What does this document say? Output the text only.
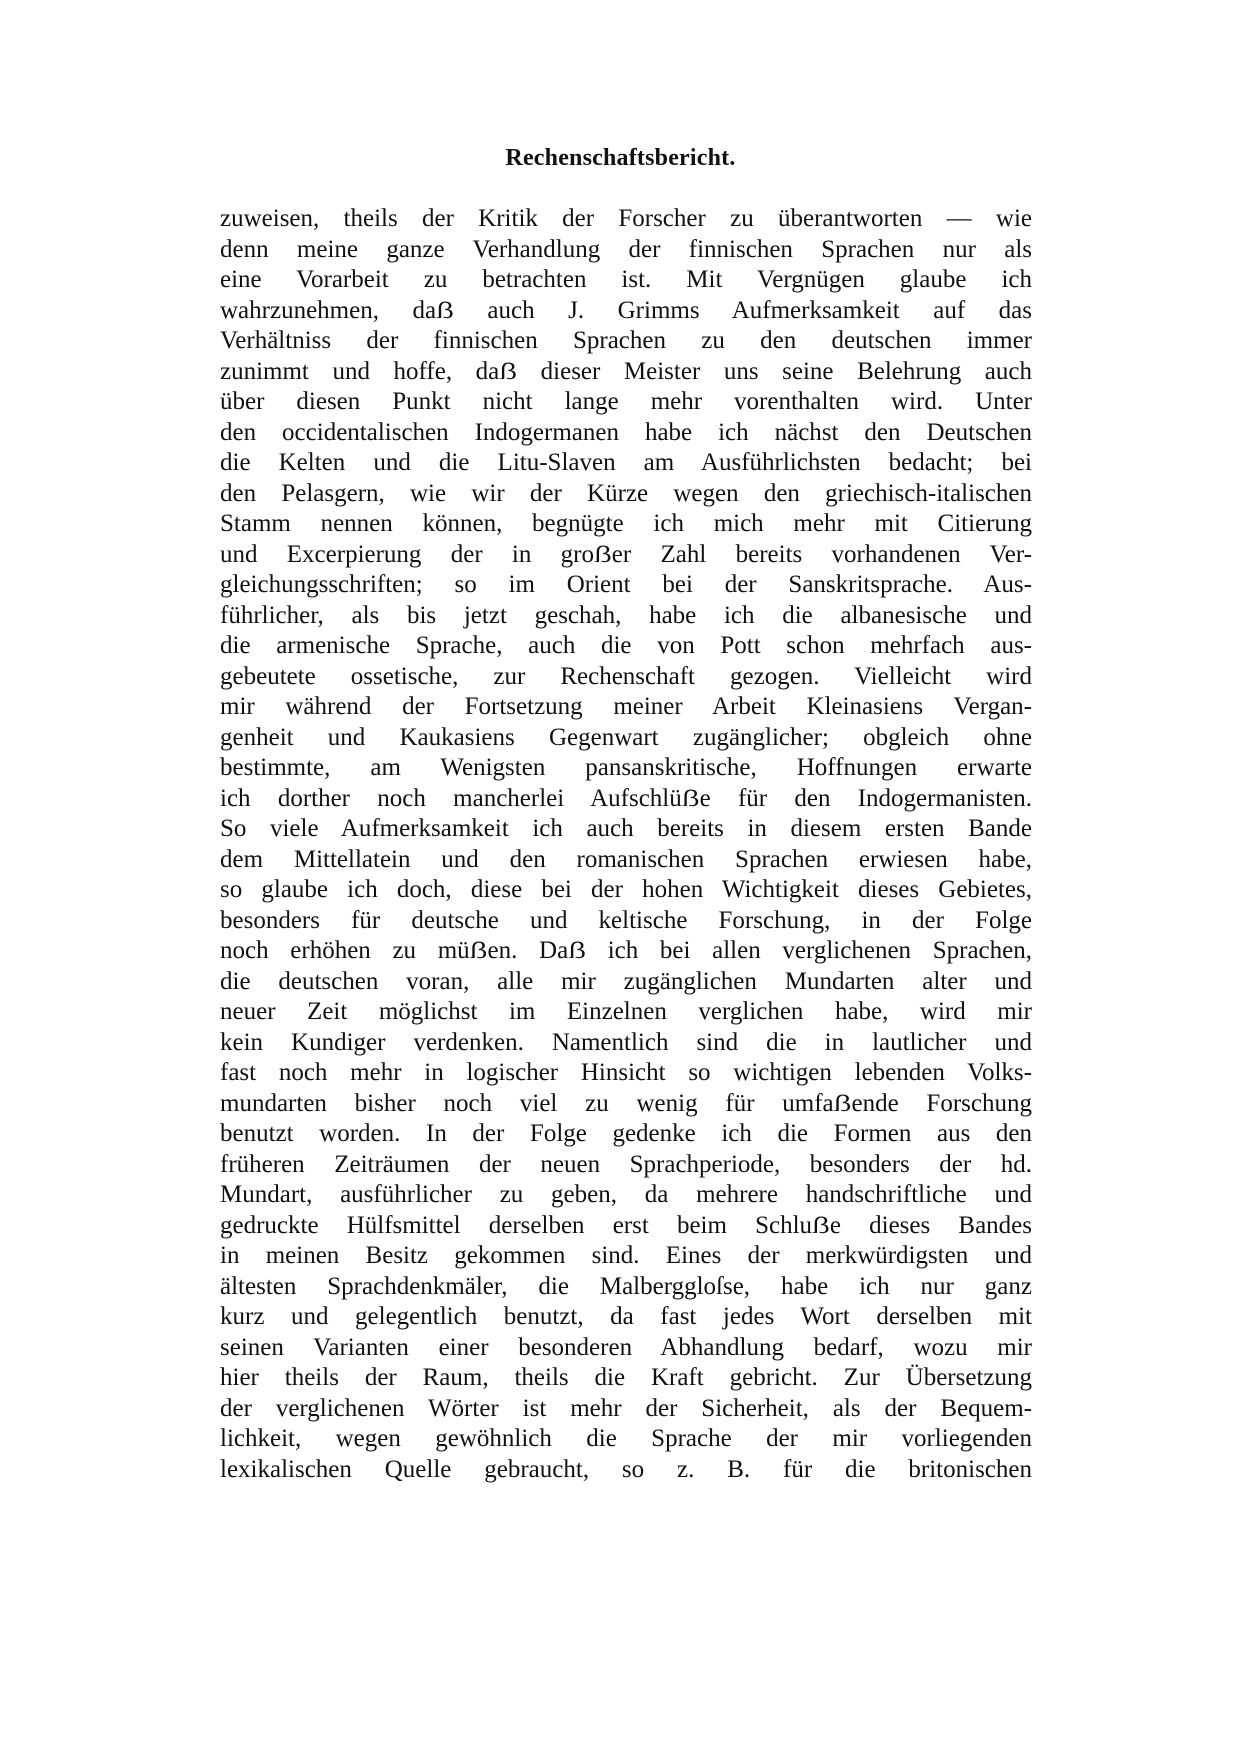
Rechenschaftsbericht.
zuweisen, theils der Kritik der Forscher zu überantworten — wie
denn meine ganze Verhandlung der finnischen Sprachen nur als
eine Vorarbeit zu betrachten ist. Mit Vergnügen glaube ich
wahrzunehmen, daẞ auch J. Grimms Aufmerksamkeit auf das
Verhältniss der finnischen Sprachen zu den deutschen immer
zunimmt und hoffe, daẞ dieser Meister uns seine Belehrung auch
über diesen Punkt nicht lange mehr vorenthalten wird. Unter
den occidentalischen Indogermanen habe ich nächst den Deutschen
die Kelten und die Litu-Slaven am Ausführlichsten bedacht; bei
den Pelasgern, wie wir der Kürze wegen den griechisch-italischen
Stamm nennen können, begnügte ich mich mehr mit Citierung
und Excerpierung der in groẞer Zahl bereits vorhandenen Ver-
gleichungsschriften; so im Orient bei der Sanskritsprache. Aus-
führlicher, als bis jetzt geschah, habe ich die albanesische und
die armenische Sprache, auch die von Pott schon mehrfach aus-
gebeutete ossetische, zur Rechenschaft gezogen. Vielleicht wird
mir während der Fortsetzung meiner Arbeit Kleinasiens Vergan-
genheit und Kaukasiens Gegenwart zugänglicher; obgleich ohne
bestimmte, am Wenigsten pansanskritische, Hoffnungen erwarte
ich dorther noch mancherlei Aufschlüẞe für den Indogermanisten.
So viele Aufmerksamkeit ich auch bereits in diesem ersten Bande
dem Mittellatein und den romanischen Sprachen erwiesen habe,
so glaube ich doch, diese bei der hohen Wichtigkeit dieses Gebietes,
besonders für deutsche und keltische Forschung, in der Folge
noch erhöhen zu müẞen. Daẞ ich bei allen verglichenen Sprachen,
die deutschen voran, alle mir zugänglichen Mundarten alter und
neuer Zeit möglichst im Einzelnen verglichen habe, wird mir
kein Kundiger verdenken. Namentlich sind die in lautlicher und
fast noch mehr in logischer Hinsicht so wichtigen lebenden Volks-
mundarten bisher noch viel zu wenig für umfaẞende Forschung
benutzt worden. In der Folge gedenke ich die Formen aus den
früheren Zeiträumen der neuen Sprachperiode, besonders der hd.
Mundart, ausführlicher zu geben, da mehrere handschriftliche und
gedruckte Hülfsmittel derselben erst beim Schluẞe dieses Bandes
in meinen Besitz gekommen sind. Eines der merkwürdigsten und
ältesten Sprachdenkmäler, die Malberggloſse, habe ich nur ganz
kurz und gelegentlich benutzt, da fast jedes Wort derselben mit
seinen Varianten einer besonderen Abhandlung bedarf, wozu mir
hier theils der Raum, theils die Kraft gebricht. Zur Übersetzung
der verglichenen Wörter ist mehr der Sicherheit, als der Bequem-
lichkeit, wegen gewöhnlich die Sprache der mir vorliegenden
lexikalischen Quelle gebraucht, so z. B. für die britonischen
